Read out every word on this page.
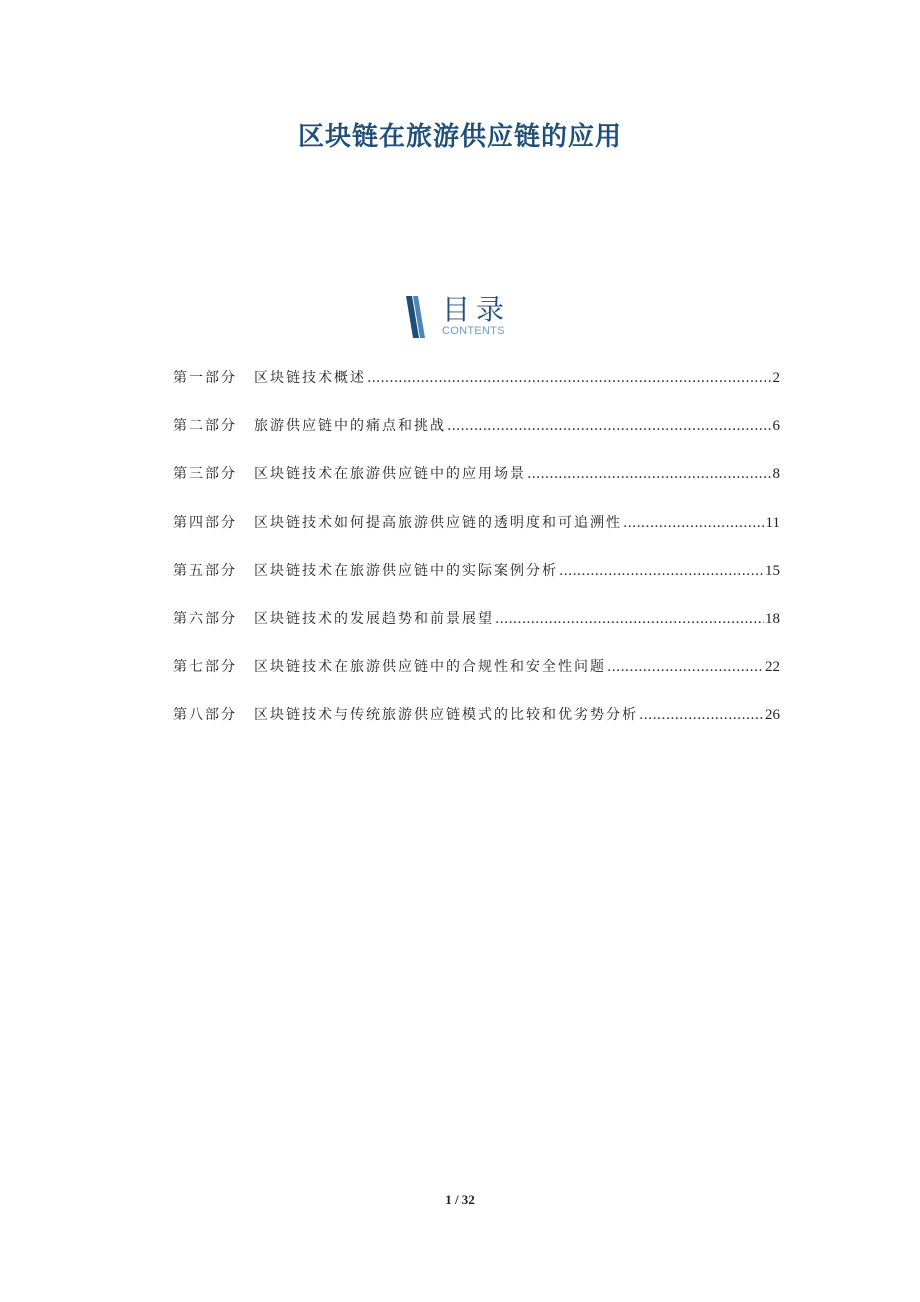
区块链在旅游供应链的应用
目录
CONTENTS
第一部分	区块链技术概述 .....	2
第二部分	旅游供应链中的痛点和挑战 .....	6
第三部分	区块链技术在旅游供应链中的应用场景 .....	8
第四部分	区块链技术如何提高旅游供应链的透明度和可追溯性 .....	11
第五部分	区块链技术在旅游供应链中的实际案例分析 .....	15
第六部分	区块链技术的发展趋势和前景展望 .....	18
第七部分	区块链技术在旅游供应链中的合规性和安全性问题 .....	22
第八部分	区块链技术与传统旅游供应链模式的比较和优劣势分析 .....	26
1 / 32
